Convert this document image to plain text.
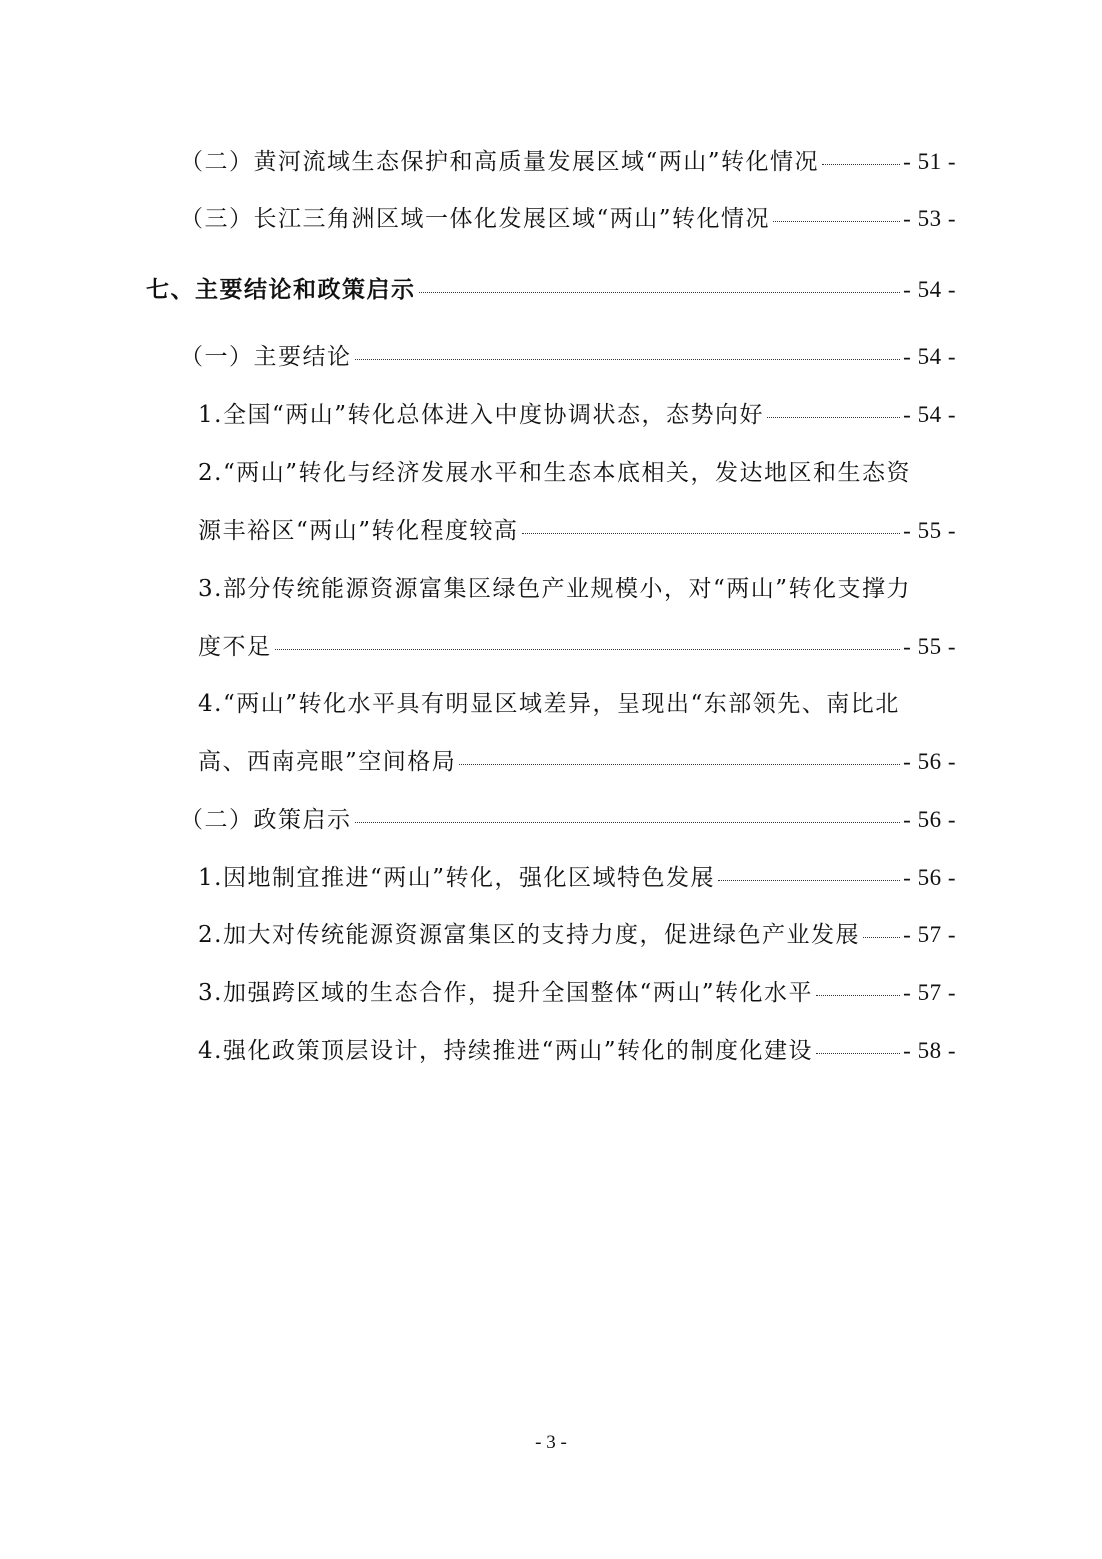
（二）黄河流域生态保护和高质量发展区域“两山”转化情况	- 51 -
（三）长江三角洲区域一体化发展区域“两山”转化情况	- 53 -
七、主要结论和政策启示	- 54 -
（一）主要结论	- 54 -
1.全国“两山”转化总体进入中度协调状态，态势向好	- 54 -
2.“两山”转化与经济发展水平和生态本底相关，发达地区和生态资
源丰裕区“两山”转化程度较高	- 55 -
3.部分传统能源资源富集区绿色产业规模小，对“两山”转化支撑力
度不足	- 55 -
4.“两山”转化水平具有明显区域差异，呈现出“东部领先、南比北
高、西南亮眼”空间格局	- 56 -
（二）政策启示	- 56 -
1.因地制宜推进“两山”转化，强化区域特色发展	- 56 -
2.加大对传统能源资源富集区的支持力度，促进绿色产业发展 - 57 -
3.加强跨区域的生态合作，提升全国整体“两山”转化水平	- 57 -
4.强化政策顶层设计，持续推进“两山”转化的制度化建设	- 58 -
- 3 -
